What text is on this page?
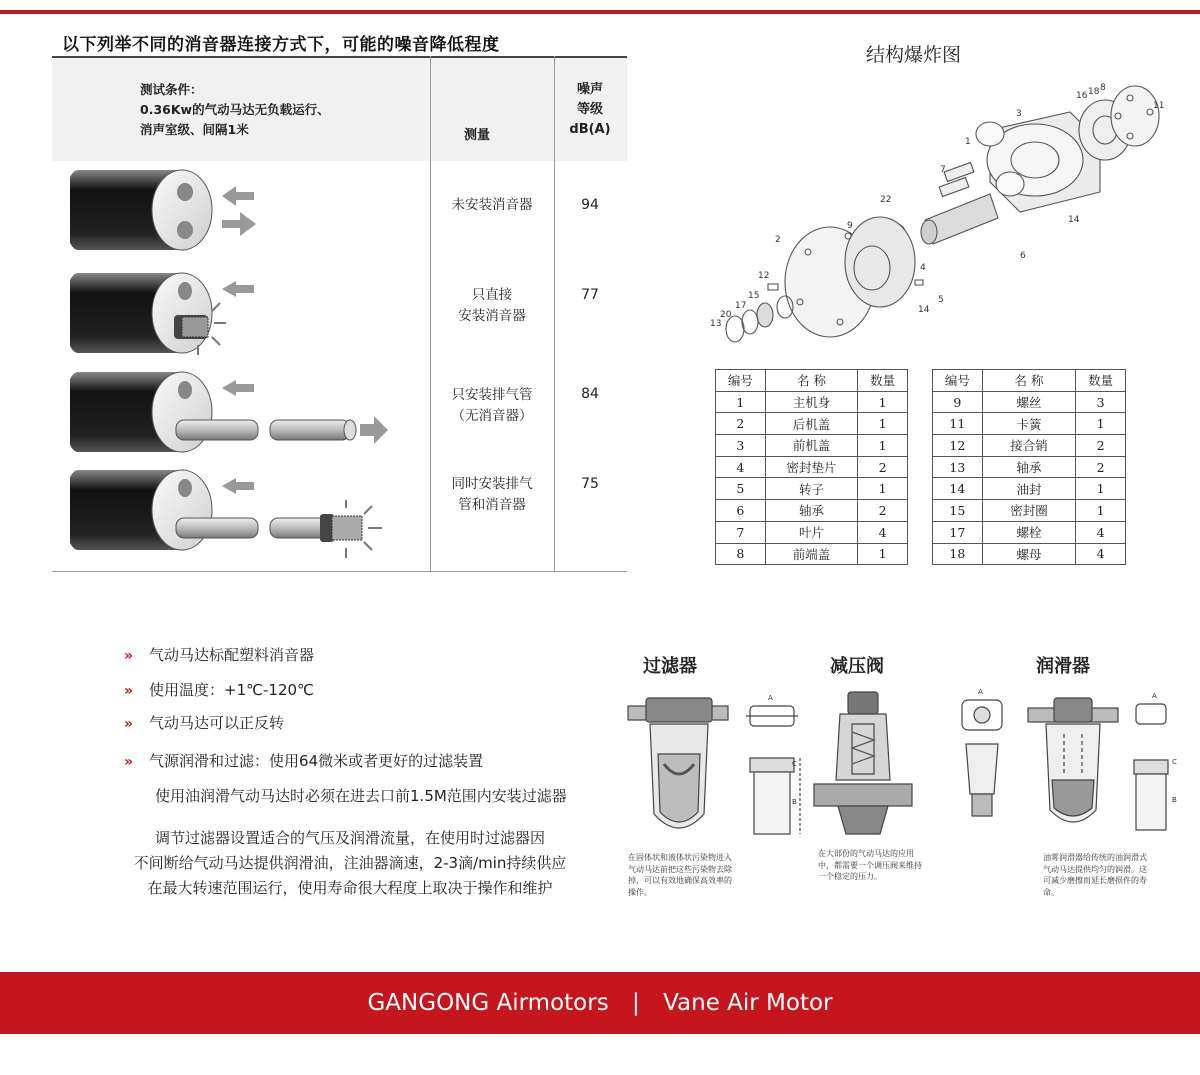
以下列举不同的消音器连接方式下，可能的噪音降低程度
测试条件：
0.36Kw的气动马达无负载运行、
消声室级、间隔1米	测量
噪声
等级
dB(A)
未安装消音器	94
只直接
安装消音器
77
只安装排气管
（无消音器）
84
同时安装排气
管和消音器
75
结构爆炸图
1
2
3
4
5
6
7
8
9
11
12
13
14
14
15
16
17
18
20
22
编号	名 称	数量
1	主机身	1
2	后机盖	1
3	前机盖	1
4	密封垫片	2
5	转子	1
6	轴承	2
7	叶片	4
8	前端盖	1
编号	名 称	数量
9	螺丝	3
11	卡簧	1
12	接合销	2
13	轴承	2
14	油封	1
15	密封圈	1
17	螺栓	4
18	螺母	4
» 气动马达标配塑料消音器
» 使用温度：+1℃-120℃
» 气动马达可以正反转
» 气源润滑和过滤：使用64微米或者更好的过滤装置
使用油润滑气动马达时必须在进去口前1.5M范围内安装过滤器
调节过滤器设置适合的气压及润滑流量，在使用时过滤器因
不间断给气动马达提供润滑油，注油器滴速，2-3滴/min持续供应
在最大转速范围运行，使用寿命很大程度上取决于操作和维护
过滤器	减压阀	润滑器
A
B
C
在固体状和液体状污染物进入气动马达前把这些污染物去除掉，可以有效地确保高效率的操作。
在大部份的气动马达的应用中，都需要一个调压阀来维持一个稳定的压力。
A	A
B
C
油雾润滑器给传统的油润滑式气动马达提供均匀的润滑。这可减少磨擦而延长磨损件的寿命。
GANGONG Airmotors | Vane Air Motor
